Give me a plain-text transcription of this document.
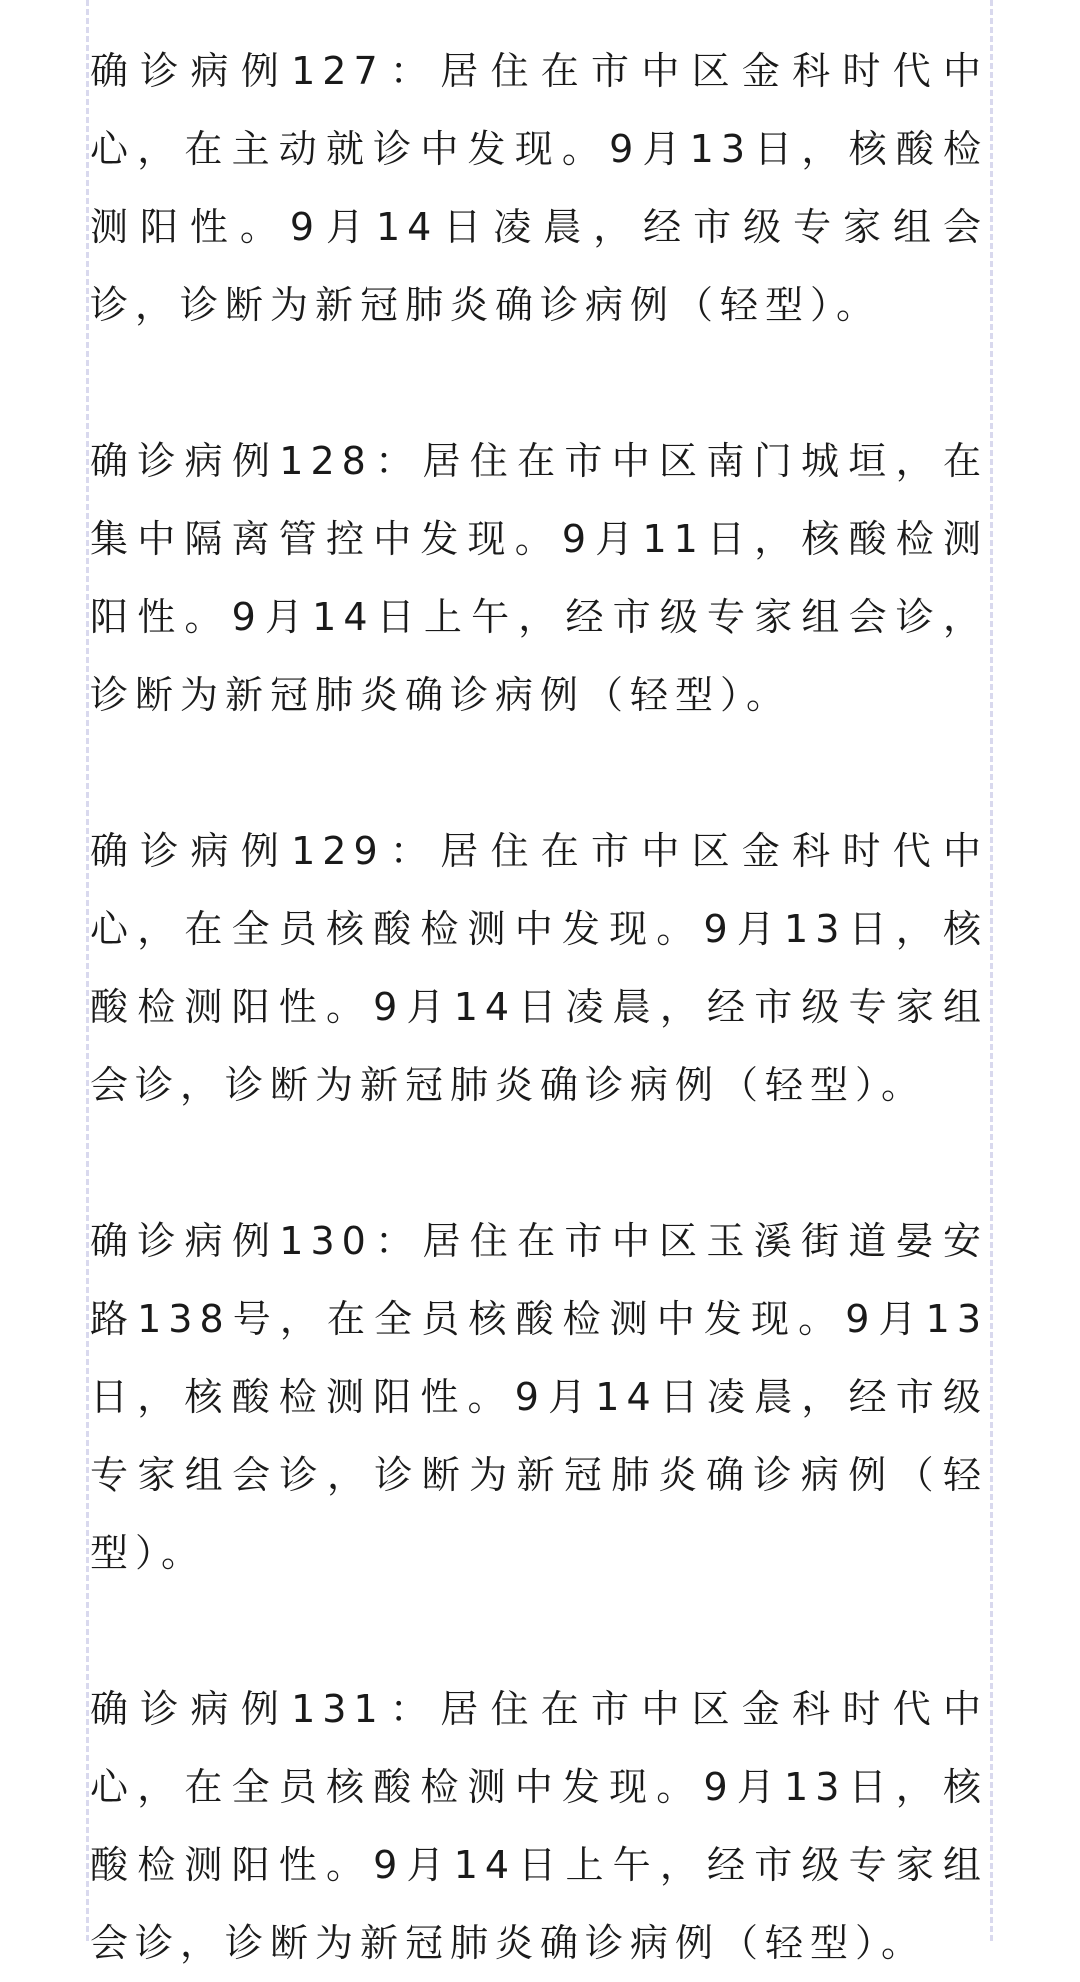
确诊病例127：居住在市中区金科时代中心，在主动就诊中发现。9月13日，核酸检测阳性。9月14日凌晨，经市级专家组会诊，诊断为新冠肺炎确诊病例（轻型）。

确诊病例128：居住在市中区南门城垣，在集中隔离管控中发现。9月11日，核酸检测阳性。9月14日上午，经市级专家组会诊，诊断为新冠肺炎确诊病例（轻型）。

确诊病例129：居住在市中区金科时代中心，在全员核酸检测中发现。9月13日，核酸检测阳性。9月14日凌晨，经市级专家组会诊，诊断为新冠肺炎确诊病例（轻型）。

确诊病例130：居住在市中区玉溪街道晏安路138号，在全员核酸检测中发现。9月13日，核酸检测阳性。9月14日凌晨，经市级专家组会诊，诊断为新冠肺炎确诊病例（轻型）。

确诊病例131：居住在市中区金科时代中心，在全员核酸检测中发现。9月13日，核酸检测阳性。9月14日上午，经市级专家组会诊，诊断为新冠肺炎确诊病例（轻型）。
